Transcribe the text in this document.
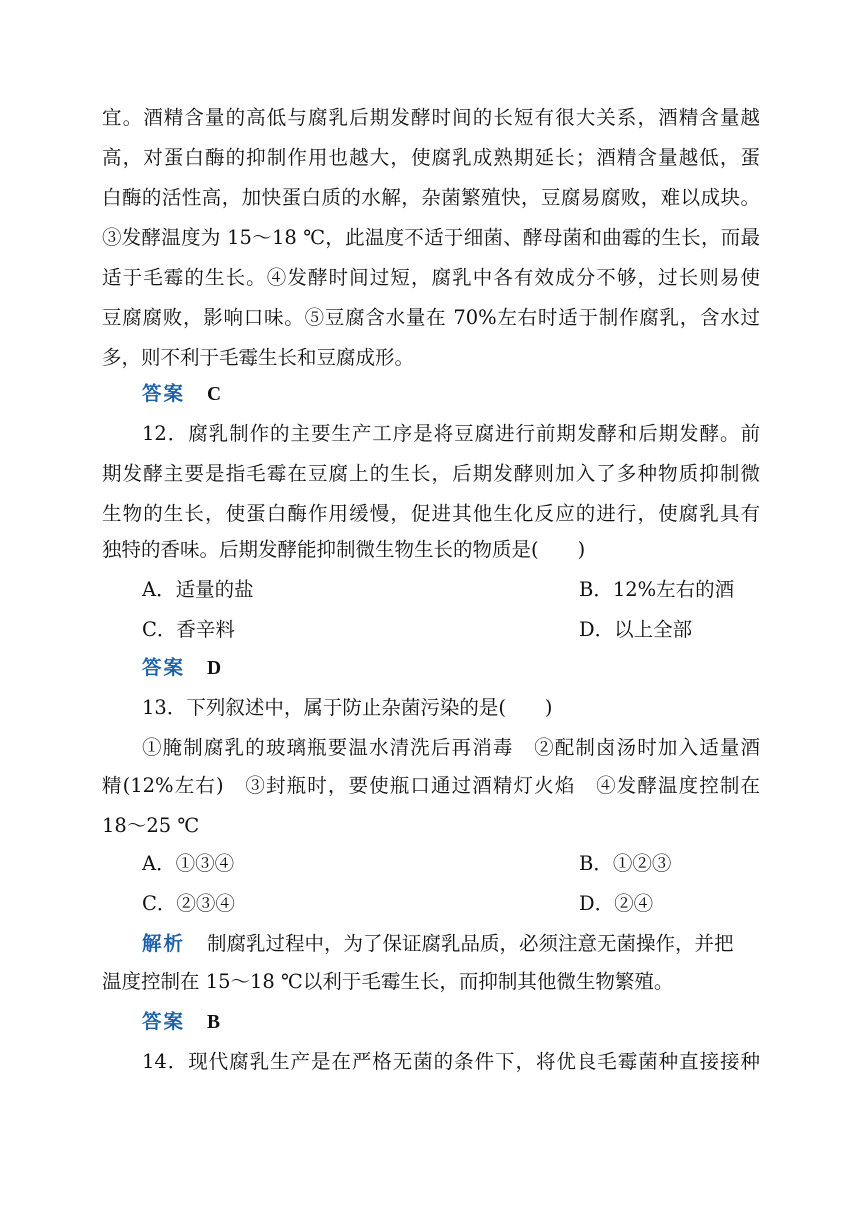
宜。酒精含量的高低与腐乳后期发酵时间的长短有很大关系，酒精含量越
高，对蛋白酶的抑制作用也越大，使腐乳成熟期延长；酒精含量越低，蛋
白酶的活性高，加快蛋白质的水解，杂菌繁殖快，豆腐易腐败，难以成块。
③发酵温度为 15～18 ℃，此温度不适于细菌、酵母菌和曲霉的生长，而最
适于毛霉的生长。④发酵时间过短，腐乳中各有效成分不够，过长则易使
豆腐腐败，影响口味。⑤豆腐含水量在 70%左右时适于制作腐乳，含水过
多，则不利于毛霉生长和豆腐成形。
答案 C
12．腐乳制作的主要生产工序是将豆腐进行前期发酵和后期发酵。前
期发酵主要是指毛霉在豆腐上的生长，后期发酵则加入了多种物质抑制微
生物的生长，使蛋白酶作用缓慢，促进其他生化反应的进行，使腐乳具有
独特的香味。后期发酵能抑制微生物生长的物质是(　　)
A．适量的盐	B．12%左右的酒
C．香辛料	D．以上全部
答案 D
13．下列叙述中，属于防止杂菌污染的是(　　)
①腌制腐乳的玻璃瓶要温水清洗后再消毒　②配制卤汤时加入适量酒
精(12%左右)　③封瓶时，要使瓶口通过酒精灯火焰　④发酵温度控制在
18～25 ℃
A．①③④	B．①②③
C．②③④	D．②④
解析 制腐乳过程中，为了保证腐乳品质，必须注意无菌操作，并把
温度控制在 15～18 ℃以利于毛霉生长，而抑制其他微生物繁殖。
答案 B
14．现代腐乳生产是在严格无菌的条件下，将优良毛霉菌种直接接种
